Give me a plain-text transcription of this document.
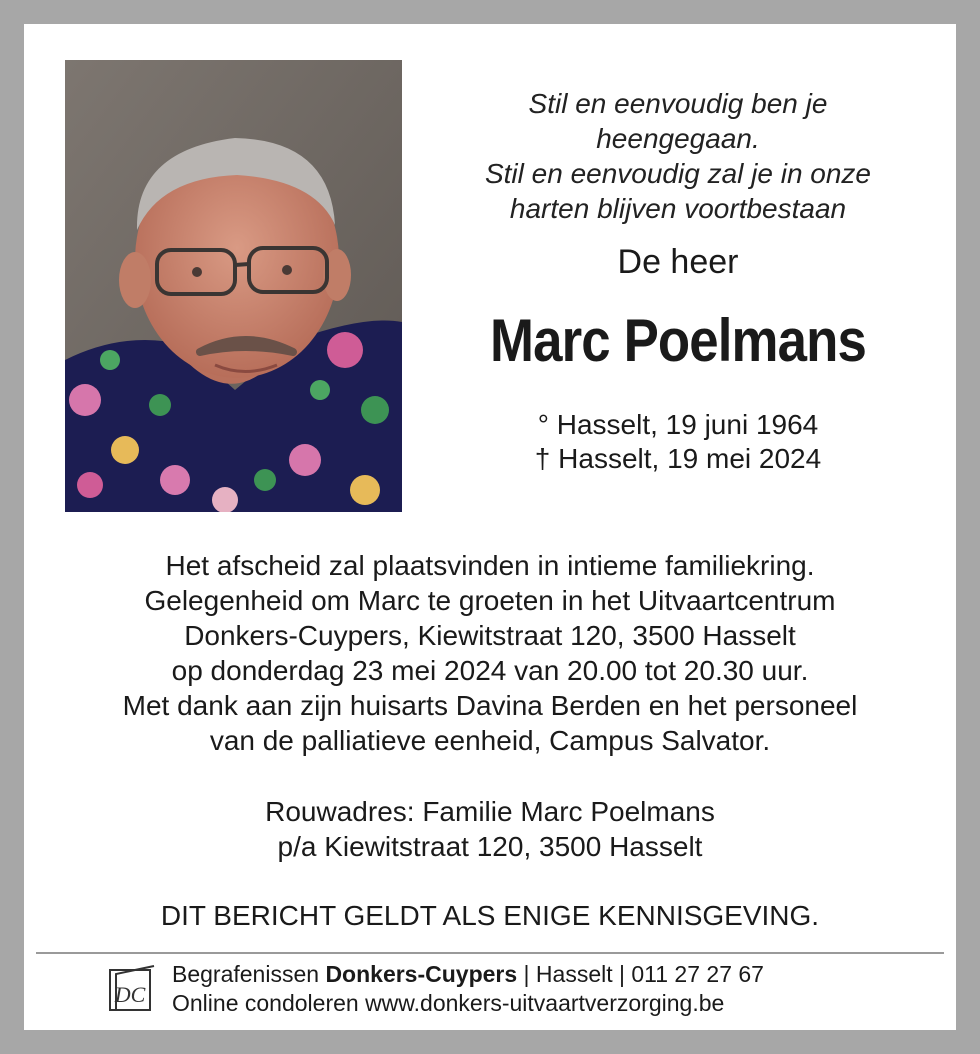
Stil en eenvoudig ben je
heengegaan.
Stil en eenvoudig zal je in onze
harten blijven voortbestaan
De heer
Marc Poelmans
° Hasselt, 19 juni 1964
† Hasselt, 19 mei 2024
Het afscheid zal plaatsvinden in intieme familiekring.
Gelegenheid om Marc te groeten in het Uitvaartcentrum
Donkers-Cuypers, Kiewitstraat 120, 3500 Hasselt
op donderdag 23 mei 2024 van 20.00 tot 20.30 uur.
Met dank aan zijn huisarts Davina Berden en het personeel
van de palliatieve eenheid, Campus Salvator.
Rouwadres: Familie Marc Poelmans
p/a Kiewitstraat 120, 3500 Hasselt
DIT BERICHT GELDT ALS ENIGE KENNISGEVING.
DC
Begrafenissen Donkers-Cuypers | Hasselt | 011 27 27 67
Online condoleren www.donkers-uitvaartverzorging.be
